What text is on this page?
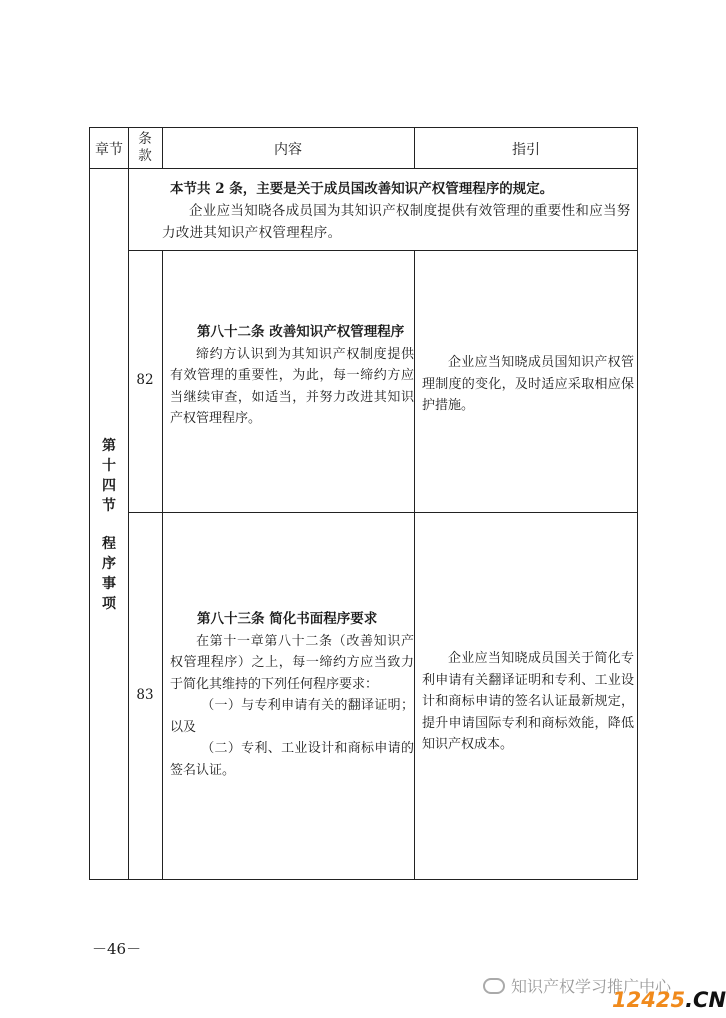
章节
条款	内容	指引
第
十
四
节
程
序
事
项
本节共 2 条，主要是关于成员国改善知识产权管理程序的规定。
企业应当知晓各成员国为其知识产权制度提供有效管理的重要性和应当努力改进其知识产权管理程序。
82
第八十二条 改善知识产权管理程序

缔约方认识到为其知识产权制度提供有效管理的重要性，为此，每一缔约方应当继续审查，如适当，并努力改进其知识产权管理程序。

企业应当知晓成员国知识产权管理制度的变化，及时适应采取相应保护措施。

83
第八十三条 简化书面程序要求

在第十一章第八十二条（改善知识产权管理程序）之上，每一缔约方应当致力于简化其维持的下列任何程序要求：

（一）与专利申请有关的翻译证明；以及

（二）专利、工业设计和商标申请的签名认证。

企业应当知晓成员国关于简化专利申请有关翻译证明和专利、工业设计和商标申请的签名认证最新规定，提升申请国际专利和商标效能，降低知识产权成本。

－46－
知识产权学习推广中心
12425.CN
